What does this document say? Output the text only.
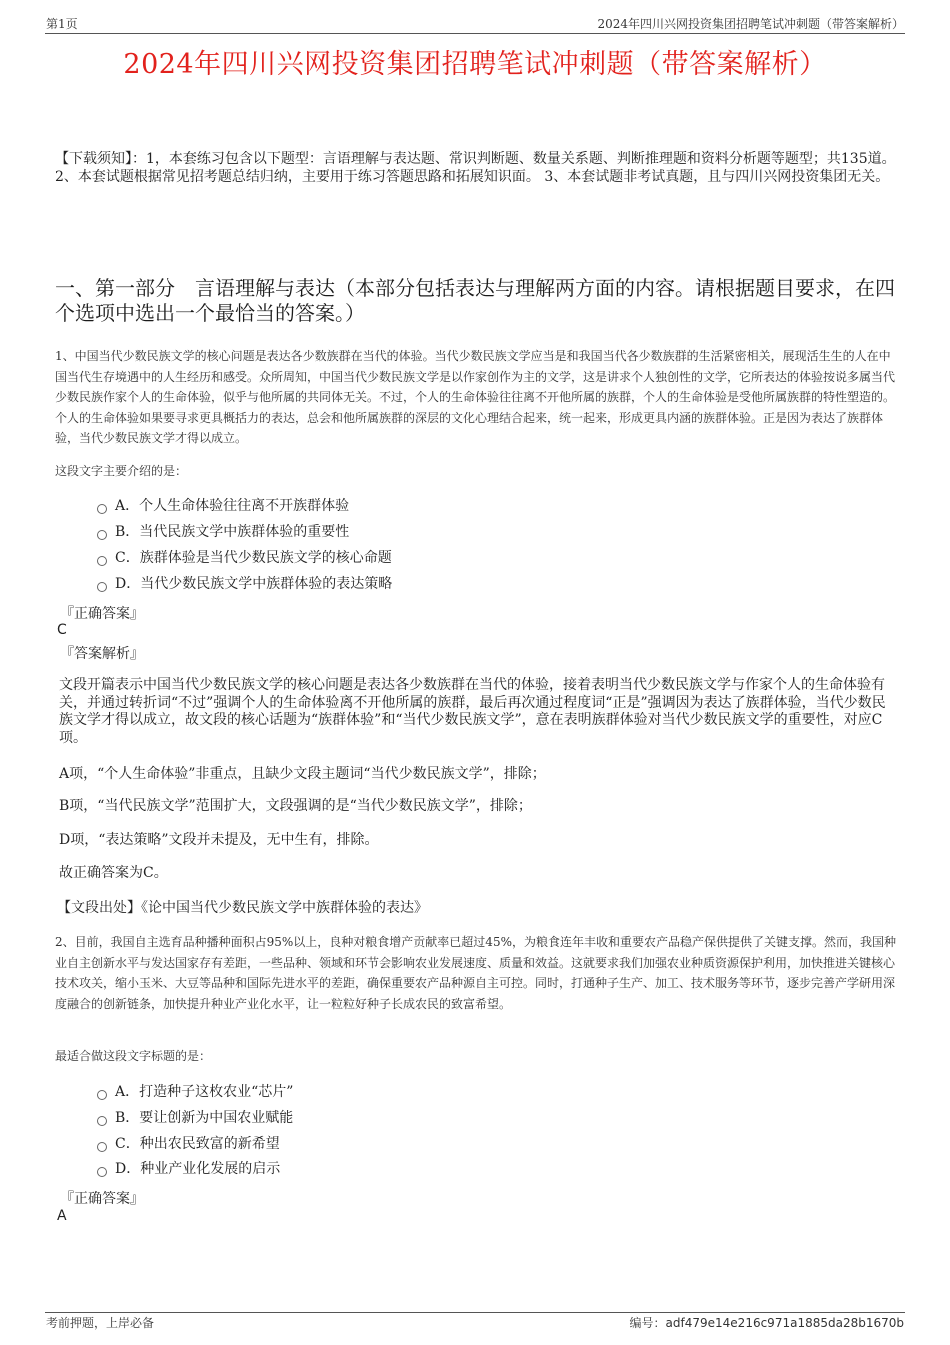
第1页	2024年四川兴网投资集团招聘笔试冲刺题（带答案解析）
2024年四川兴网投资集团招聘笔试冲刺题（带答案解析）
【下载须知】：1，本套练习包含以下题型：言语理解与表达题、常识判断题、数量关系题、判断推理题和资料分析题等题型；共135道。 2、本套试题根据常见招考题总结归纳，主要用于练习答题思路和拓展知识面。 3、本套试题非考试真题，且与四川兴网投资集团无关。
一、第一部分　言语理解与表达（本部分包括表达与理解两方面的内容。请根据题目要求，在四个选项中选出一个最恰当的答案。）
1、中国当代少数民族文学的核心问题是表达各少数族群在当代的体验。当代少数民族文学应当是和我国当代各少数族群的生活紧密相关，展现活生生的人在中国当代生存境遇中的人生经历和感受。众所周知，中国当代少数民族文学是以作家创作为主的文学，这是讲求个人独创性的文学，它所表达的体验按说多属当代少数民族作家个人的生命体验，似乎与他所属的共同体无关。不过，个人的生命体验往往离不开他所属的族群，个人的生命体验是受他所属族群的特性塑造的。个人的生命体验如果要寻求更具概括力的表达，总会和他所属族群的深层的文化心理结合起来，统一起来，形成更具内涵的族群体验。正是因为表达了族群体验，当代少数民族文学才得以成立。
这段文字主要介绍的是：
A．个人生命体验往往离不开族群体验
B．当代民族文学中族群体验的重要性
C．族群体验是当代少数民族文学的核心命题
D．当代少数民族文学中族群体验的表达策略
『正确答案』
C
『答案解析』
文段开篇表示中国当代少数民族文学的核心问题是表达各少数族群在当代的体验，接着表明当代少数民族文学与作家个人的生命体验有关，并通过转折词“不过”强调个人的生命体验离不开他所属的族群，最后再次通过程度词“正是”强调因为表达了族群体验，当代少数民族文学才得以成立，故文段的核心话题为“族群体验”和“当代少数民族文学”，意在表明族群体验对当代少数民族文学的重要性，对应C项。
A项，“个人生命体验”非重点，且缺少文段主题词“当代少数民族文学”，排除；
B项，“当代民族文学”范围扩大，文段强调的是“当代少数民族文学”，排除；
D项，“表达策略”文段并未提及，无中生有，排除。
故正确答案为C。
【文段出处】《论中国当代少数民族文学中族群体验的表达》
2、目前，我国自主选育品种播种面积占95%以上，良种对粮食增产贡献率已超过45%，为粮食连年丰收和重要农产品稳产保供提供了关键支撑。然而，我国种业自主创新水平与发达国家存有差距，一些品种、领域和环节会影响农业发展速度、质量和效益。这就要求我们加强农业种质资源保护利用，加快推进关键核心技术攻关，缩小玉米、大豆等品种和国际先进水平的差距，确保重要农产品种源自主可控。同时，打通种子生产、加工、技术服务等环节，逐步完善产学研用深度融合的创新链条，加快提升种业产业化水平，让一粒粒好种子长成农民的致富希望。
最适合做这段文字标题的是：
A．打造种子这枚农业“芯片”
B．要让创新为中国农业赋能
C．种出农民致富的新希望
D．种业产业化发展的启示
『正确答案』
A
考前押题，上岸必备	编号：adf479e14e216c971a1885da28b1670b
